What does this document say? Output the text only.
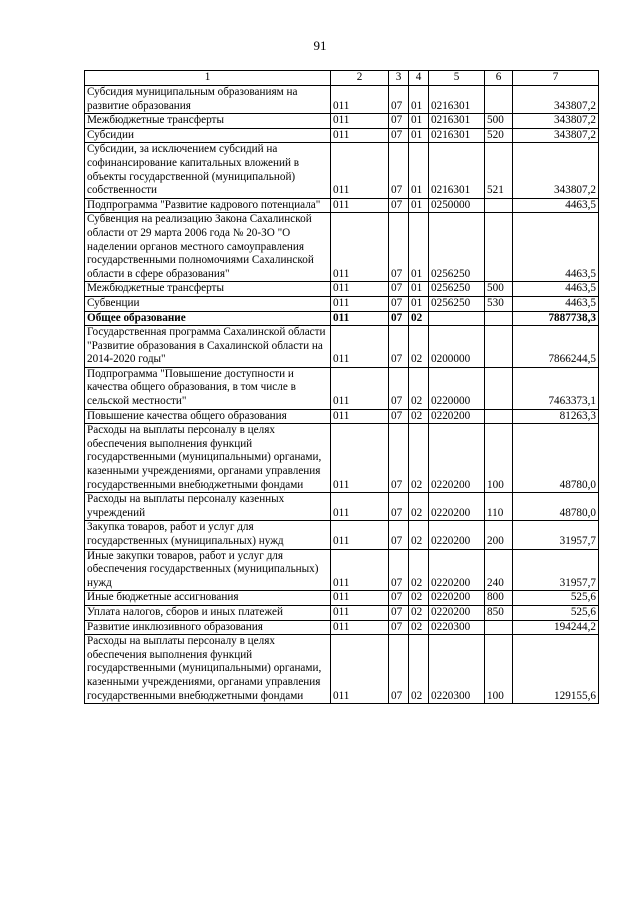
91
1	2	3	4	5	6	7
Субсидия муниципальным образованиям на развитие образования	011	07	01	0216301		343807,2
Межбюджетные трансферты	011	07	01	0216301	500	343807,2
Субсидии	011	07	01	0216301	520	343807,2
Субсидии, за исключением субсидий на софинансирование капитальных вложений в объекты государственной (муниципальной) собственности	011	07	01	0216301	521	343807,2
Подпрограмма "Развитие кадрового потенциала"	011	07	01	0250000		4463,5
Субвенция на реализацию Закона Сахалинской области от 29 марта 2006 года № 20-ЗО "О наделении органов местного самоуправления государственными полномочиями Сахалинской области в сфере образования"	011	07	01	0256250		4463,5
Межбюджетные трансферты	011	07	01	0256250	500	4463,5
Субвенции	011	07	01	0256250	530	4463,5
Общее образование	011	07	02			7887738,3
Государственная программа Сахалинской области "Развитие образования в Сахалинской области на 2014-2020 годы"	011	07	02	0200000		7866244,5
Подпрограмма "Повышение доступности и качества общего образования, в том числе в сельской местности"	011	07	02	0220000		7463373,1
Повышение качества общего образования	011	07	02	0220200		81263,3
Расходы на выплаты персоналу в целях обеспечения выполнения функций государственными (муниципальными) органами, казенными учреждениями, органами управления государственными внебюджетными фондами	011	07	02	0220200	100	48780,0
Расходы на выплаты персоналу казенных учреждений	011	07	02	0220200	110	48780,0
Закупка товаров, работ и услуг для государственных (муниципальных) нужд	011	07	02	0220200	200	31957,7
Иные закупки товаров, работ и услуг для обеспечения государственных (муниципальных) нужд	011	07	02	0220200	240	31957,7
Иные бюджетные ассигнования	011	07	02	0220200	800	525,6
Уплата налогов, сборов и иных платежей	011	07	02	0220200	850	525,6
Развитие инклюзивного образования	011	07	02	0220300		194244,2
Расходы на выплаты персоналу в целях обеспечения выполнения функций государственными (муниципальными) органами, казенными учреждениями, органами управления государственными внебюджетными фондами	011	07	02	0220300	100	129155,6
